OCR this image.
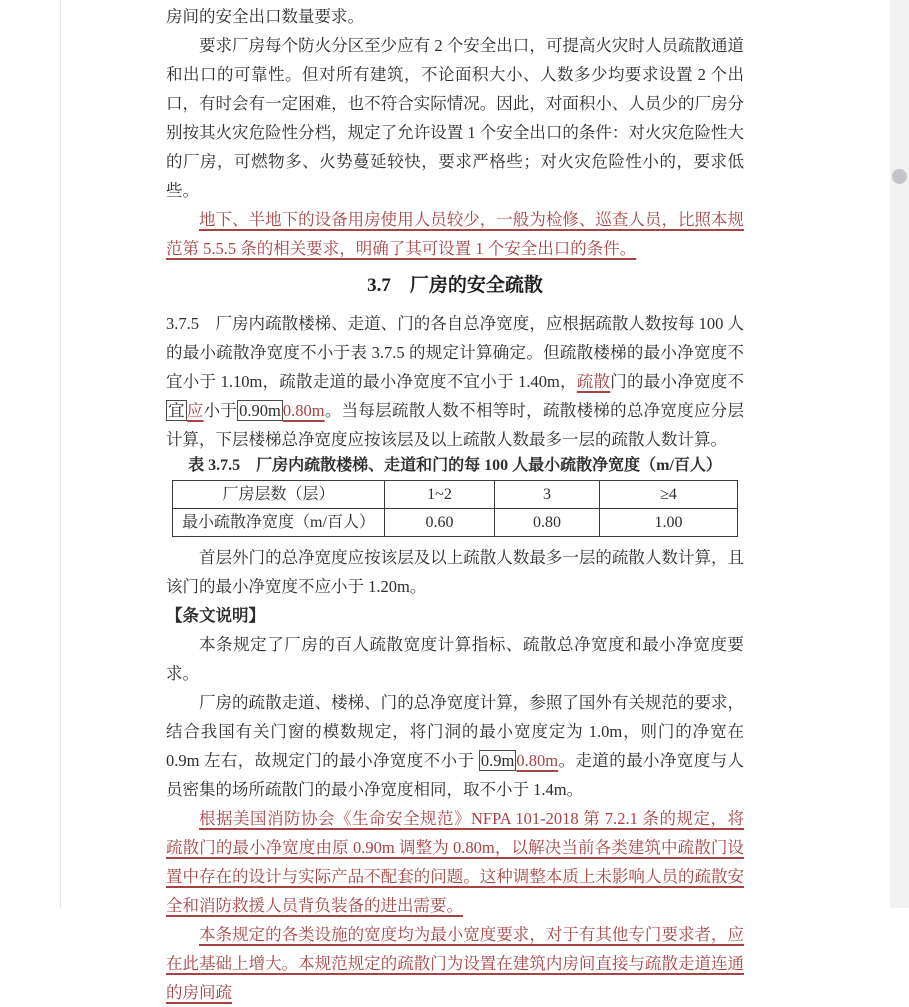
房间的安全出口数量要求。

要求厂房每个防火分区至少应有 2 个安全出口，可提高火灾时人员疏散通道和出口的可靠性。但对所有建筑，不论面积大小、人数多少均要求设置 2 个出口，有时会有一定困难，也不符合实际情况。因此，对面积小、人员少的厂房分别按其火灾危险性分档，规定了允许设置 1 个安全出口的条件：对火灾危险性大的厂房，可燃物多、火势蔓延较快，要求严格些；对火灾危险性小的，要求低些。

地下、半地下的设备用房使用人员较少，一般为检修、巡查人员，比照本规范第 5.5.5 条的相关要求，明确了其可设置 1 个安全出口的条件。

3.7　厂房的安全疏散

3.7.5　厂房内疏散楼梯、走道、门的各自总净宽度，应根据疏散人数按每 100 人的最小疏散净宽度不小于表 3.7.5 的规定计算确定。但疏散楼梯的最小净宽度不宜小于 1.10m，疏散走道的最小净宽度不宜小于 1.40m，疏散门的最小净宽度不宜 应小于 0.90m 0.80m。当每层疏散人数不相等时，疏散楼梯的总净宽度应分层计算，下层楼梯总净宽度应按该层及以上疏散人数最多一层的疏散人数计算。

表 3.7.5　厂房内疏散楼梯、走道和门的每 100 人最小疏散净宽度（m/百人）

厂房层数（层）	1~2	3	≥4
最小疏散净宽度（m/百人）	0.60	0.80	1.00

首层外门的总净宽度应按该层及以上疏散人数最多一层的疏散人数计算，且该门的最小净宽度不应小于 1.20m。

【条文说明】

本条规定了厂房的百人疏散宽度计算指标、疏散总净宽度和最小净宽度要求。

厂房的疏散走道、楼梯、门的总净宽度计算，参照了国外有关规范的要求，结合我国有关门窗的模数规定，将门洞的最小宽度定为 1.0m，则门的净宽在 0.9m 左右，故规定门的最小净宽度不小于 0.9m 0.80m。走道的最小净宽度与人员密集的场所疏散门的最小净宽度相同，取不小于 1.4m。

根据美国消防协会《生命安全规范》NFPA 101-2018 第 7.2.1 条的规定，将疏散门的最小净宽度由原 0.90m 调整为 0.80m，以解决当前各类建筑中疏散门设置中存在的设计与实际产品不配套的问题。这种调整本质上未影响人员的疏散安全和消防救援人员背负装备的进出需要。

本条规定的各类设施的宽度均为最小宽度要求，对于有其他专门要求者，应在此基础上增大。本规范规定的疏散门为设置在建筑内房间直接与疏散走道连通的房间疏
